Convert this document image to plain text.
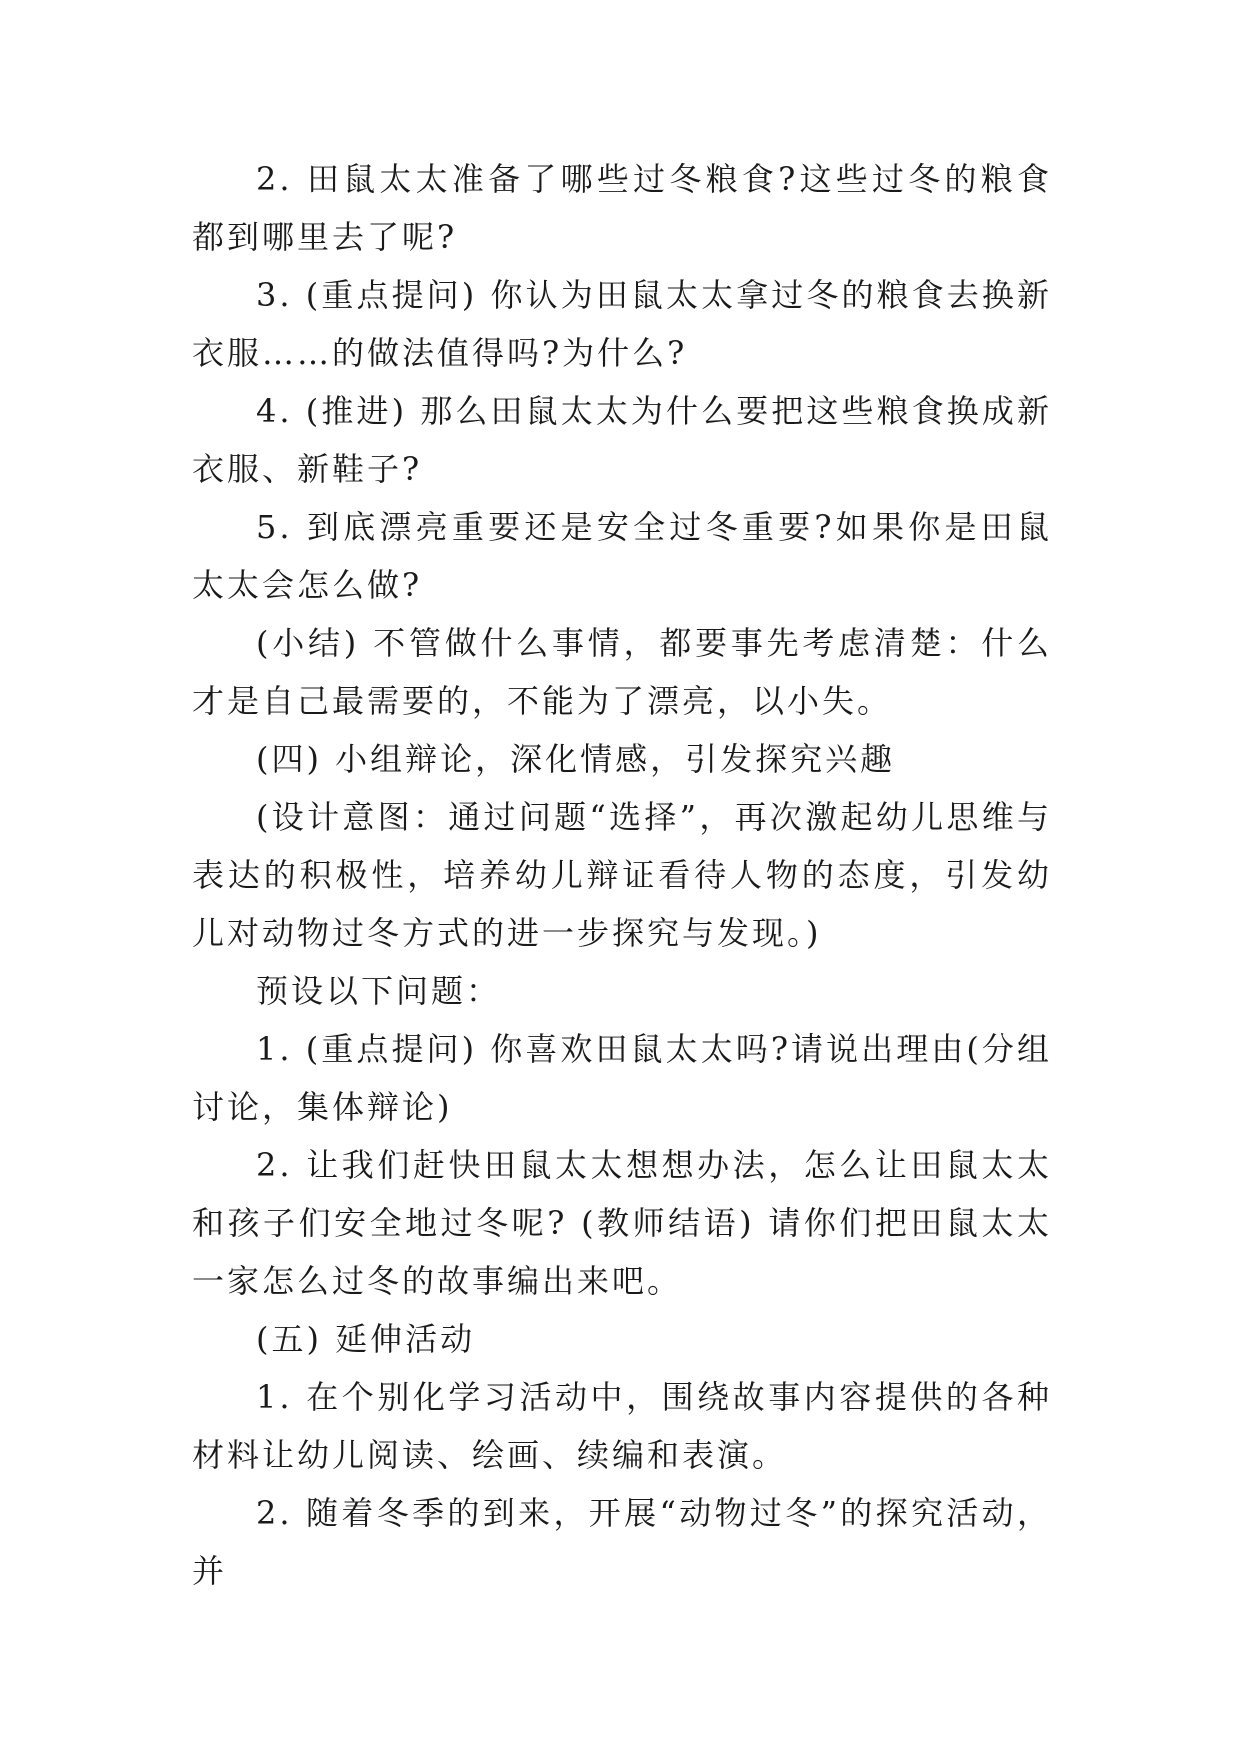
2. 田鼠太太准备了哪些过冬粮食?这些过冬的粮食都到哪里去了呢?

3. (重点提问) 你认为田鼠太太拿过冬的粮食去换新衣服……的做法值得吗?为什么?

4. (推进) 那么田鼠太太为什么要把这些粮食换成新衣服、新鞋子?

5. 到底漂亮重要还是安全过冬重要?如果你是田鼠太太会怎么做?

(小结) 不管做什么事情，都要事先考虑清楚：什么才是自己最需要的，不能为了漂亮，以小失。

(四) 小组辩论，深化情感，引发探究兴趣

(设计意图：通过问题“选择”，再次激起幼儿思维与表达的积极性，培养幼儿辩证看待人物的态度，引发幼儿对动物过冬方式的进一步探究与发现。)

预设以下问题：

1. (重点提问) 你喜欢田鼠太太吗?请说出理由(分组讨论，集体辩论)

2. 让我们赶快田鼠太太想想办法，怎么让田鼠太太和孩子们安全地过冬呢? (教师结语) 请你们把田鼠太太一家怎么过冬的故事编出来吧。

(五) 延伸活动

1. 在个别化学习活动中，围绕故事内容提供的各种材料让幼儿阅读、绘画、续编和表演。

2. 随着冬季的到来，开展“动物过冬”的探究活动，并
